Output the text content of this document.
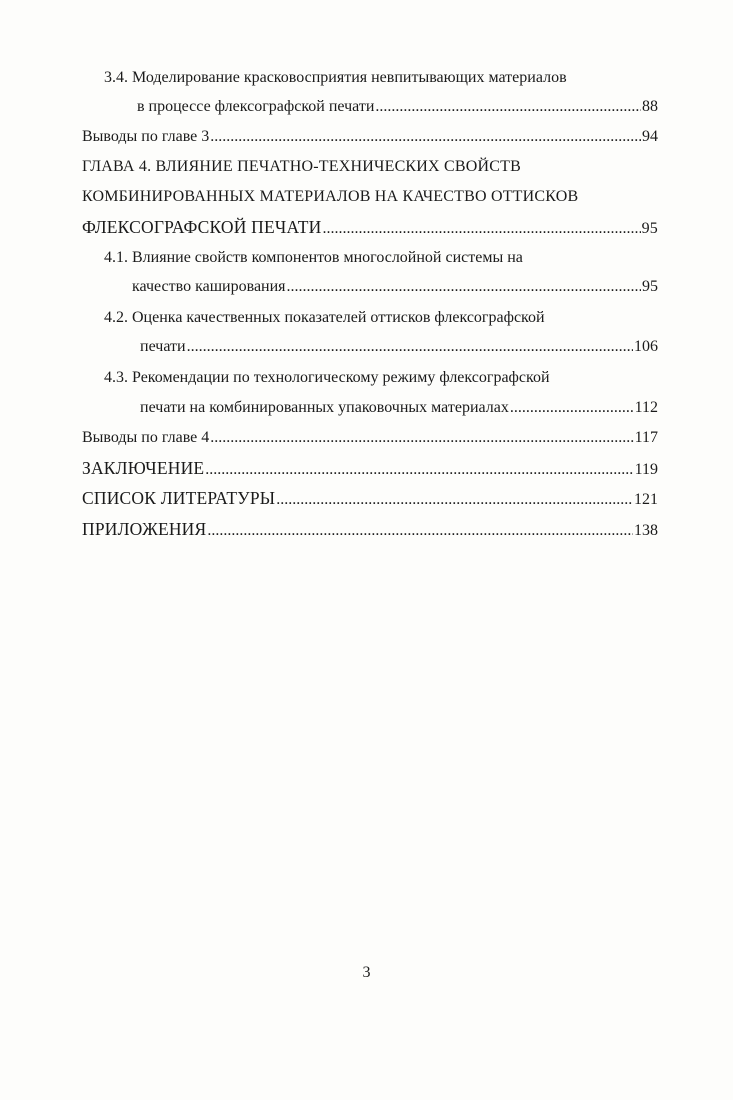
3.4. Моделирование красковосприятия невпитывающих материалов
в процессе флексографской печати .....	88
Выводы по главе 3 .....	94
ГЛАВА 4. ВЛИЯНИЕ ПЕЧАТНО-ТЕХНИЧЕСКИХ СВОЙСТВ
КОМБИНИРОВАННЫХ МАТЕРИАЛОВ НА КАЧЕСТВО ОТТИСКОВ
ФЛЕКСОГРАФСКОЙ ПЕЧАТИ .....	95
4.1. Влияние свойств компонентов многослойной системы на
качество каширования .....	95
4.2. Оценка качественных показателей оттисков флексографской
печати .....	106
4.3. Рекомендации по технологическому режиму флексографской
печати на комбинированных упаковочных материалах .....	112
Выводы по главе 4 .....	117
ЗАКЛЮЧЕНИЕ .....	119
СПИСОК ЛИТЕРАТУРЫ .....	121
ПРИЛОЖЕНИЯ .....	138
3
